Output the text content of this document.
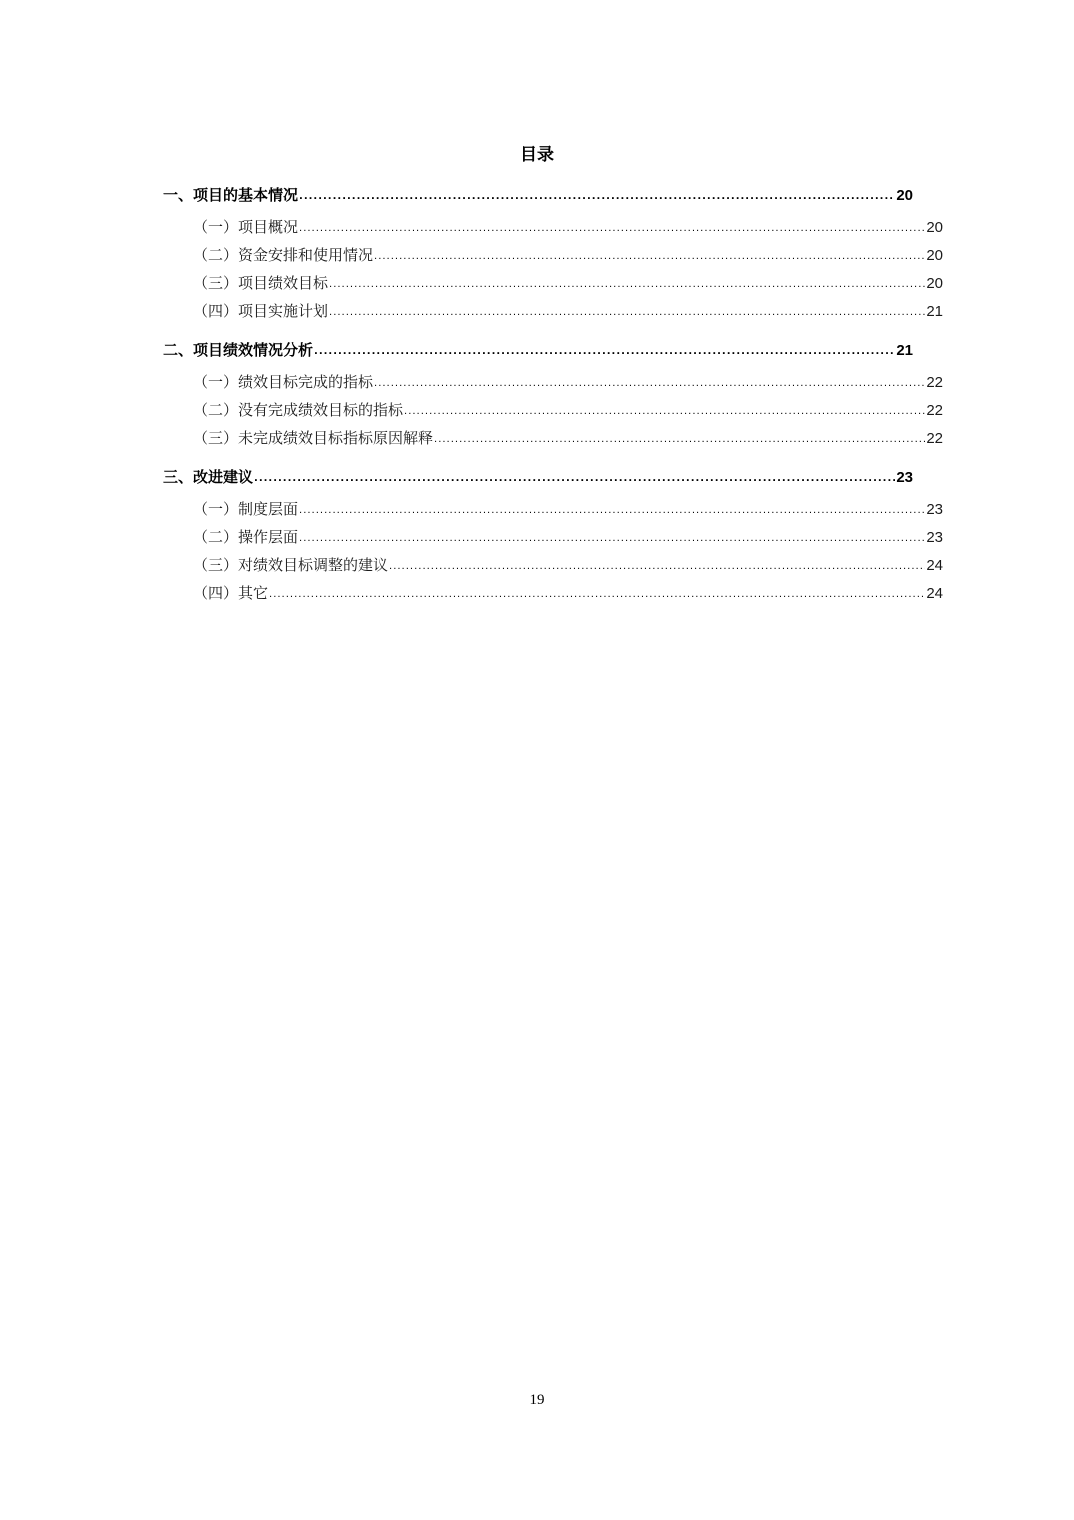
目录
一、项目的基本情况 .....	20
（一）项目概况 .....	20
（二）资金安排和使用情况 .....	20
（三）项目绩效目标 .....	20
（四）项目实施计划 .....	21
二、项目绩效情况分析 .....	21
（一）绩效目标完成的指标 .....	22
（二）没有完成绩效目标的指标 .....	22
（三）未完成绩效目标指标原因解释 .....	22
三、改进建议 .....	23
（一）制度层面 .....	23
（二）操作层面 .....	23
（三）对绩效目标调整的建议 .....	24
（四）其它 .....	24
19
